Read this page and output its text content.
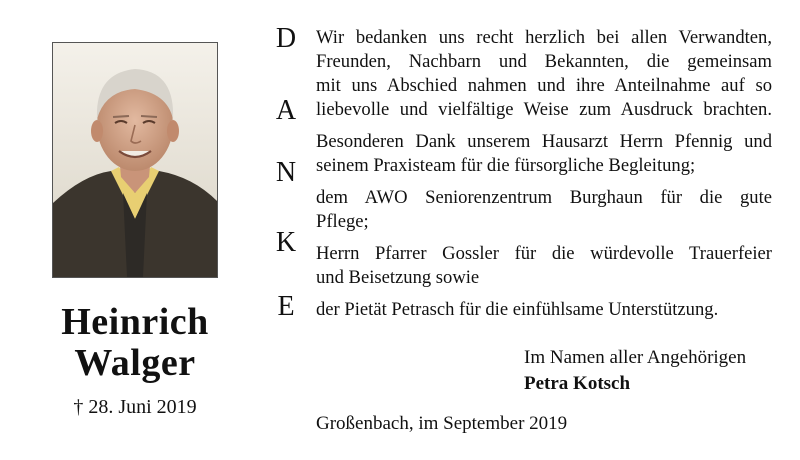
Heinrich
Walger
† 28. Juni 2019
D
A
N
K
E
Wir bedanken uns recht herzlich bei allen Verwandten,
Freunden, Nachbarn und Bekannten, die gemeinsam
mit uns Abschied nahmen und ihre Anteilnahme auf so
liebevolle und vielfältige Weise zum Ausdruck brachten.
Besonderen Dank unserem Hausarzt Herrn Pfennig und
seinem Praxisteam für die fürsorgliche Begleitung;
dem AWO Seniorenzentrum Burghaun für die gute
Pflege;
Herrn Pfarrer Gossler für die würdevolle Trauerfeier
und Beisetzung sowie
der Pietät Petrasch für die einfühlsame Unterstützung.
Im Namen aller Angehörigen
Petra Kotsch
Großenbach, im September 2019
